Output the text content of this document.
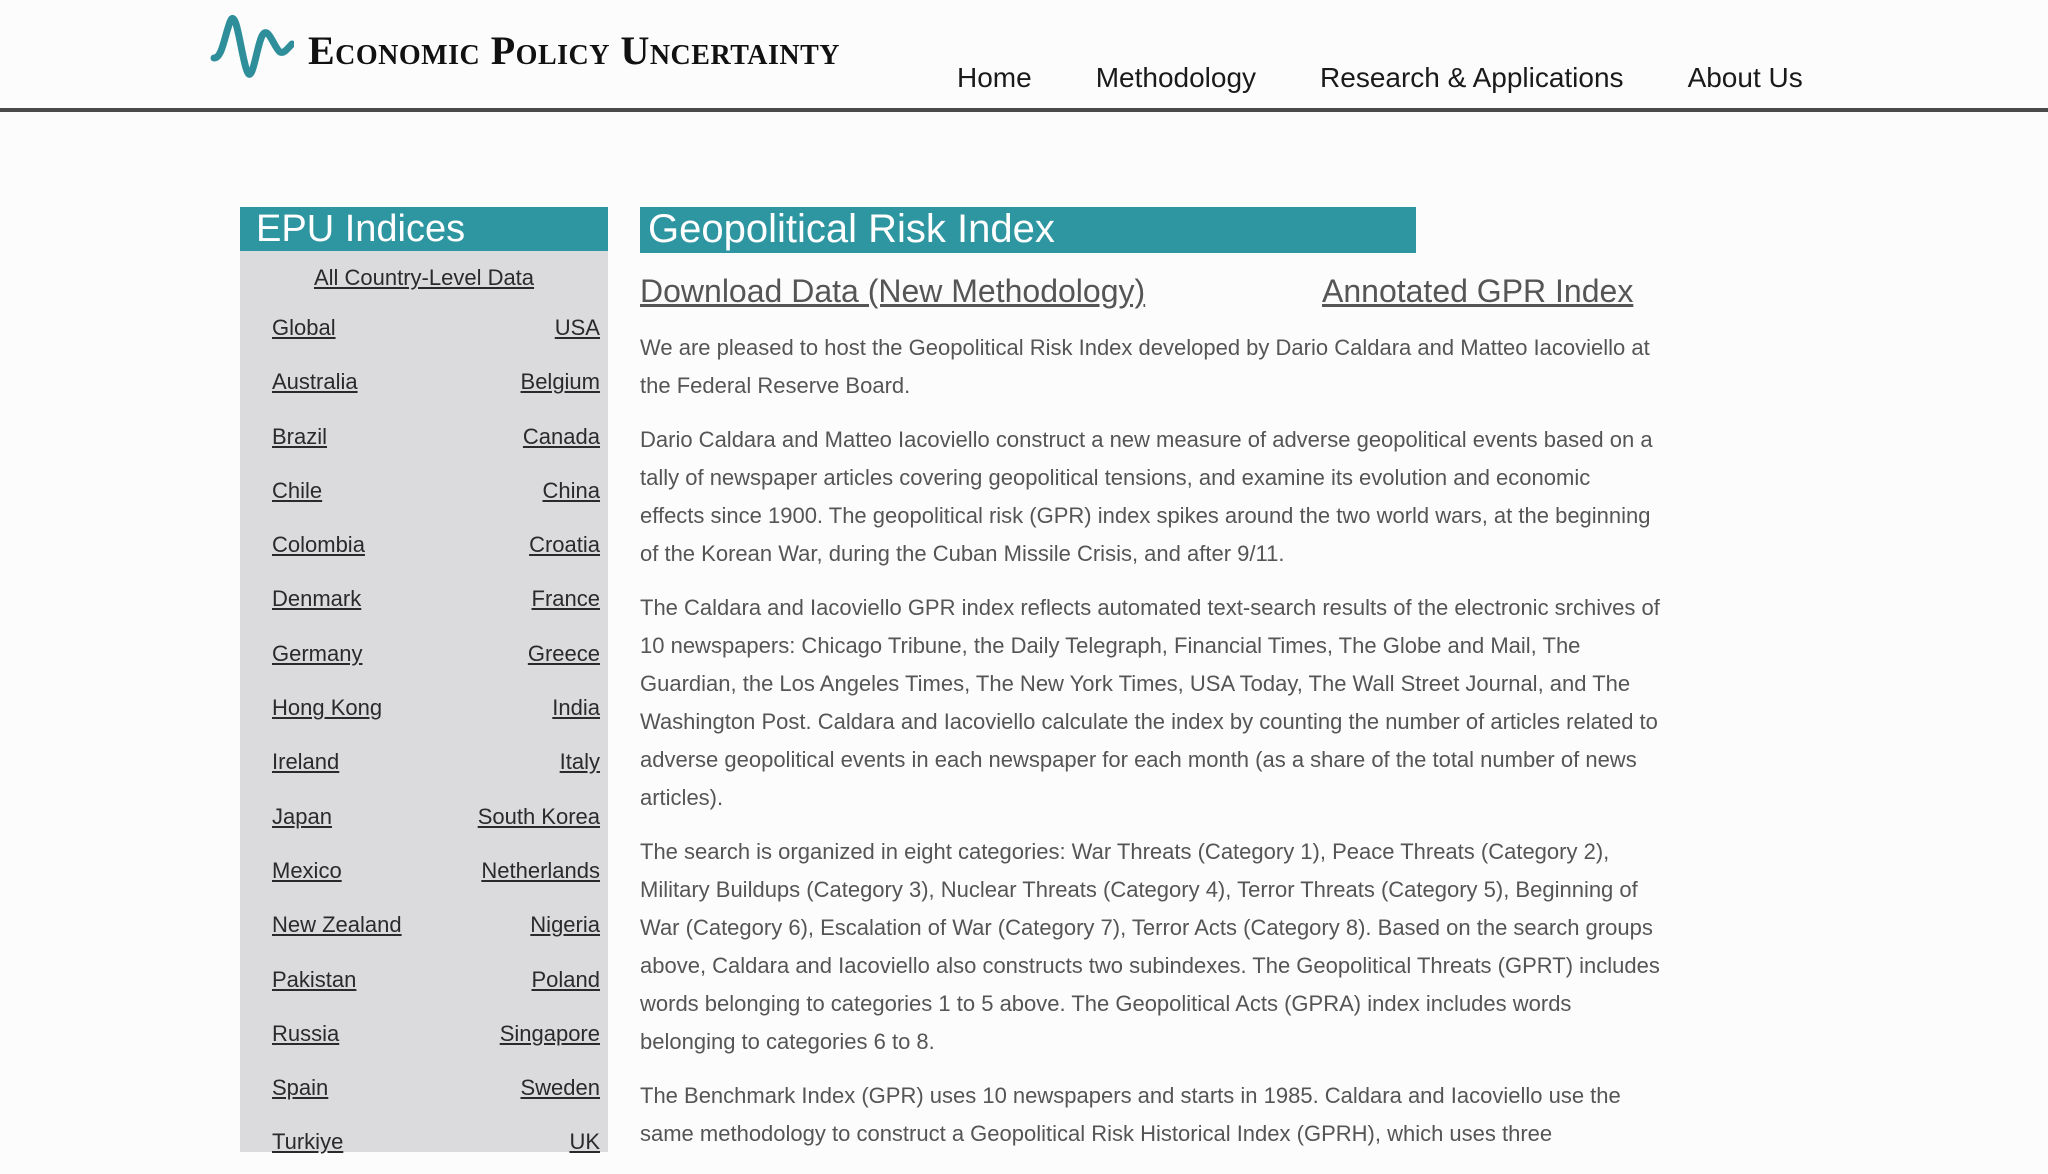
Economic Policy Uncertainty
Home Methodology Research & Applications About Us
EPU Indices
All Country-Level Data
Global	USA
Australia	Belgium
Brazil	Canada
Chile	China
Colombia	Croatia
Denmark	France
Germany	Greece
Hong Kong	India
Ireland	Italy
Japan	South Korea
Mexico	Netherlands
New Zealand	Nigeria
Pakistan	Poland
Russia	Singapore
Spain	Sweden
Turkiye	UK
Geopolitical Risk Index
Download Data (New Methodology)	Annotated GPR Index

We are pleased to host the Geopolitical Risk Index developed by Dario Caldara and Matteo Iacoviello at the Federal Reserve Board.

Dario Caldara and Matteo Iacoviello construct a new measure of adverse geopolitical events based on a tally of newspaper articles covering geopolitical tensions, and examine its evolution and economic effects since 1900. The geopolitical risk (GPR) index spikes around the two world wars, at the beginning of the Korean War, during the Cuban Missile Crisis, and after 9/11.

The Caldara and Iacoviello GPR index reflects automated text-search results of the electronic srchives of 10 newspapers: Chicago Tribune, the Daily Telegraph, Financial Times, The Globe and Mail, The Guardian, the Los Angeles Times, The New York Times, USA Today, The Wall Street Journal, and The Washington Post. Caldara and Iacoviello calculate the index by counting the number of articles related to adverse geopolitical events in each newspaper for each month (as a share of the total number of news articles).

The search is organized in eight categories: War Threats (Category 1), Peace Threats (Category 2), Military Buildups (Category 3), Nuclear Threats (Category 4), Terror Threats (Category 5), Beginning of War (Category 6), Escalation of War (Category 7), Terror Acts (Category 8). Based on the search groups above, Caldara and Iacoviello also constructs two subindexes. The Geopolitical Threats (GPRT) includes words belonging to categories 1 to 5 above. The Geopolitical Acts (GPRA) index includes words belonging to categories 6 to 8.

The Benchmark Index (GPR) uses 10 newspapers and starts in 1985. Caldara and Iacoviello use the same methodology to construct a Geopolitical Risk Historical Index (GPRH), which uses three
